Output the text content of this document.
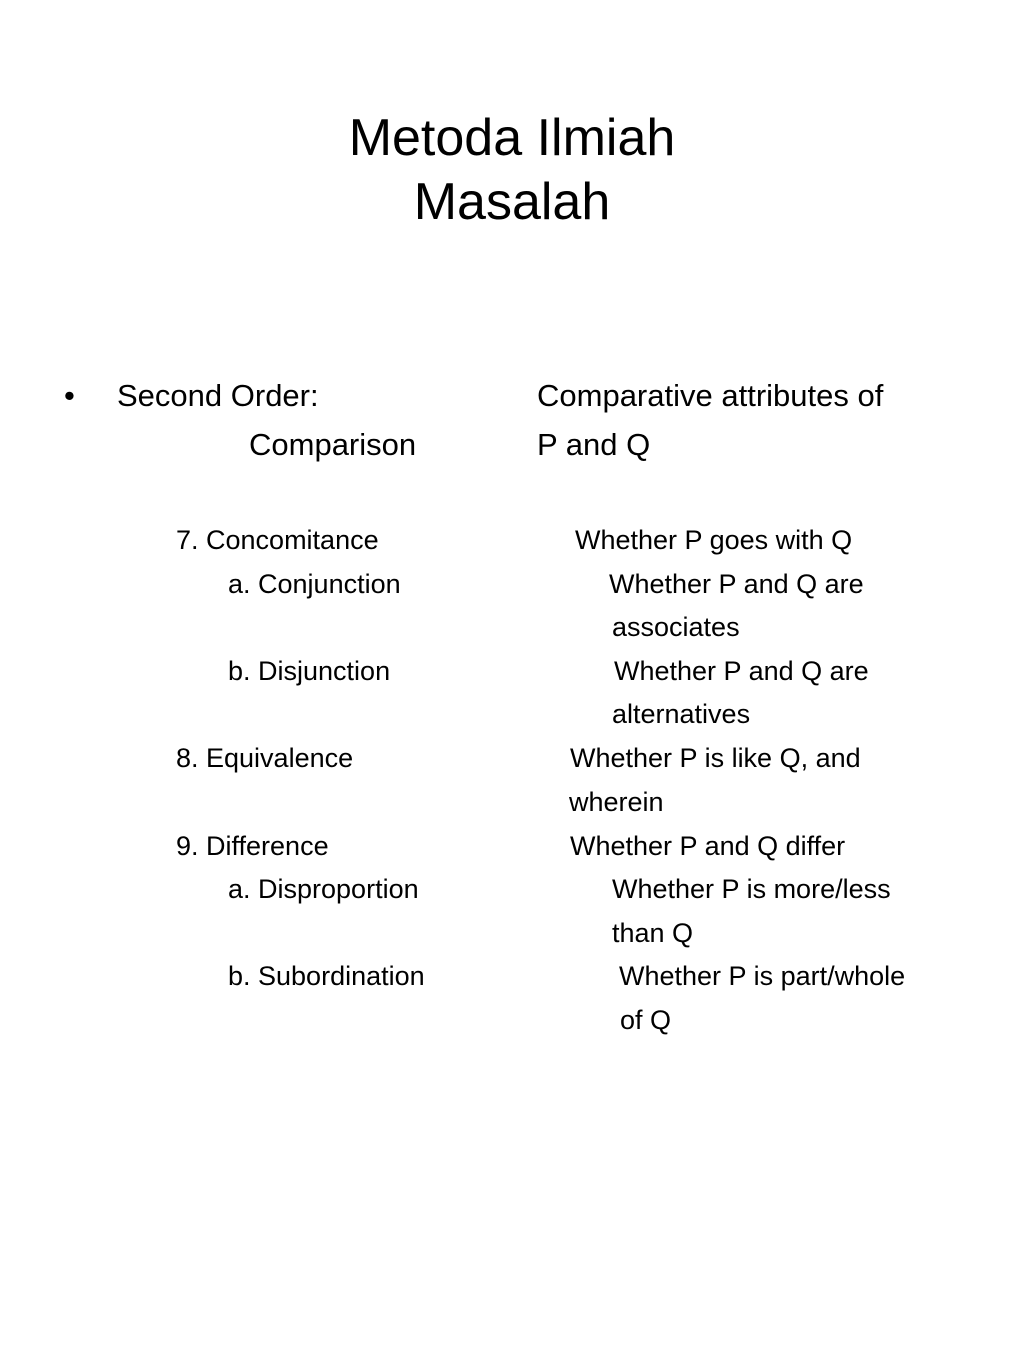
Metoda Ilmiah
Masalah
• Second Order:
Comparison
Comparative attributes of
P and Q
7. Concomitance
a. Conjunction
b. Disjunction
8. Equivalence
9. Difference
a. Disproportion
b. Subordination
Whether P goes with Q
Whether P and Q are
associates
Whether P and Q are
alternatives
Whether P is like Q, and
wherein
Whether P and Q differ
Whether P is more/less
than Q
Whether P is part/whole
of Q
